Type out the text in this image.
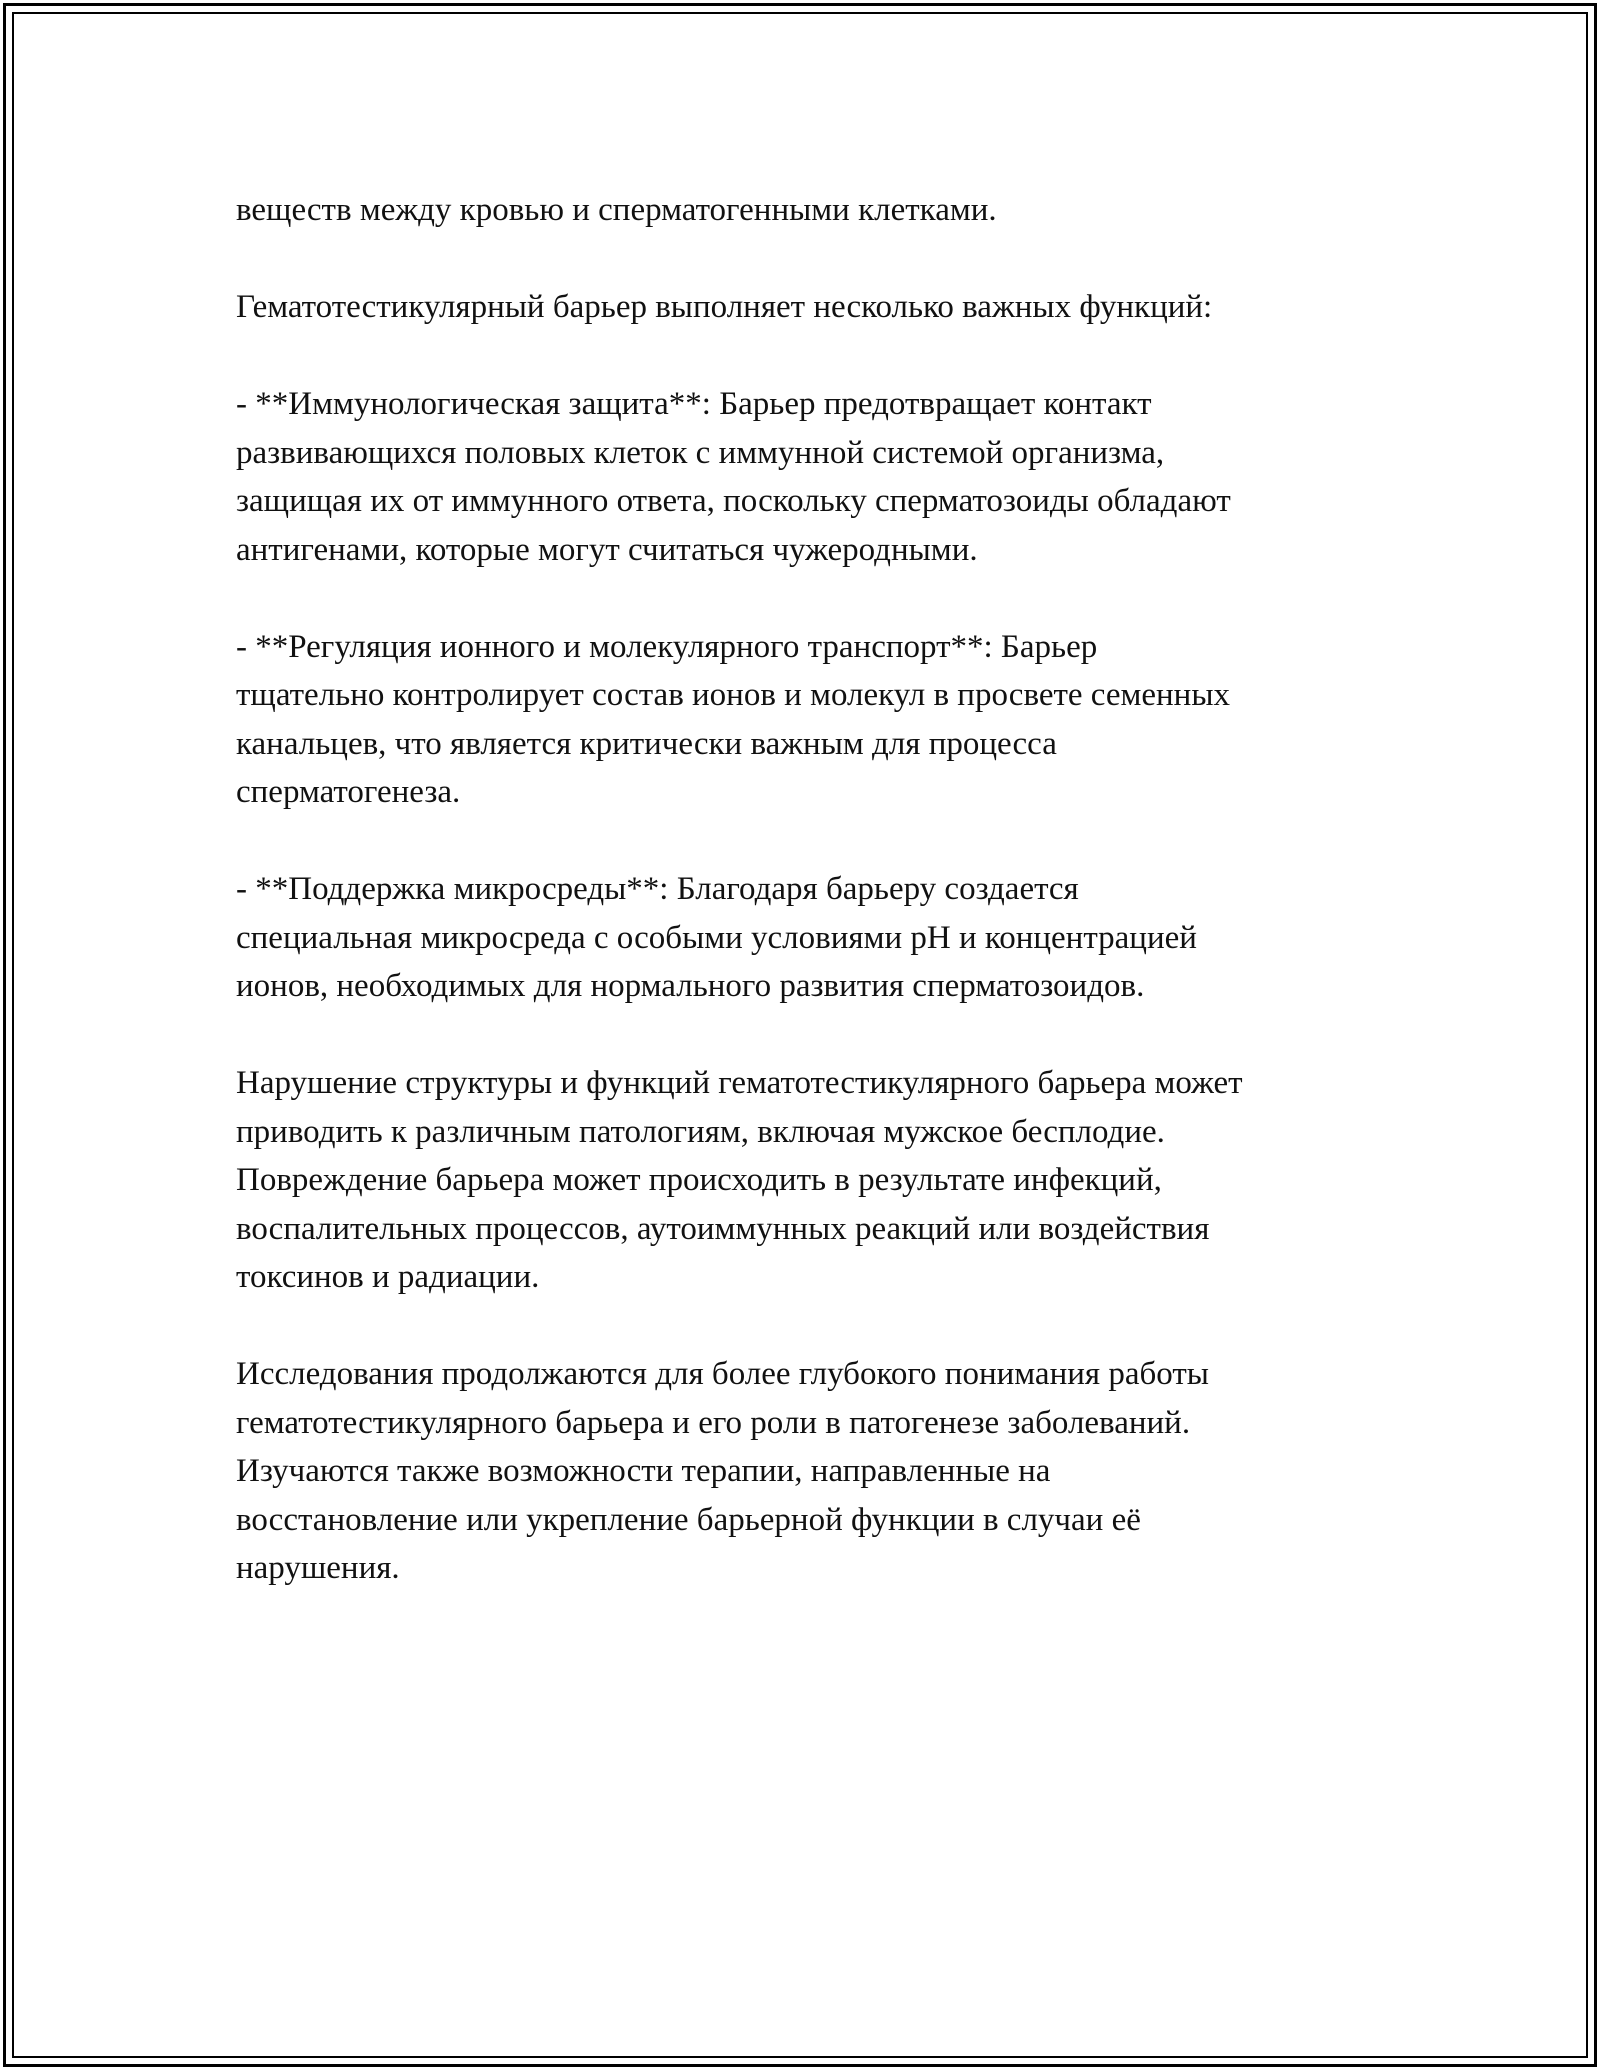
веществ между кровью и сперматогенными клетками.
Гематотестикулярный барьер выполняет несколько важных функций:
- **Иммунологическая защита**: Барьер предотвращает контакт
развивающихся половых клеток с иммунной системой организма,
защищая их от иммунного ответа, поскольку сперматозоиды обладают
антигенами, которые могут считаться чужеродными.
- **Регуляция ионного и молекулярного транспорт**: Барьер
тщательно контролирует состав ионов и молекул в просвете семенных
канальцев, что является критически важным для процесса
сперматогенеза.
- **Поддержка микросреды**: Благодаря барьеру создается
специальная микросреда с особыми условиями pH и концентрацией
ионов, необходимых для нормального развития сперматозоидов.
Нарушение структуры и функций гематотестикулярного барьера может
приводить к различным патологиям, включая мужское бесплодие.
Повреждение барьера может происходить в результате инфекций,
воспалительных процессов, аутоиммунных реакций или воздействия
токсинов и радиации.
Исследования продолжаются для более глубокого понимания работы
гематотестикулярного барьера и его роли в патогенезе заболеваний.
Изучаются также возможности терапии, направленные на
восстановление или укрепление барьерной функции в случаи её
нарушения.
